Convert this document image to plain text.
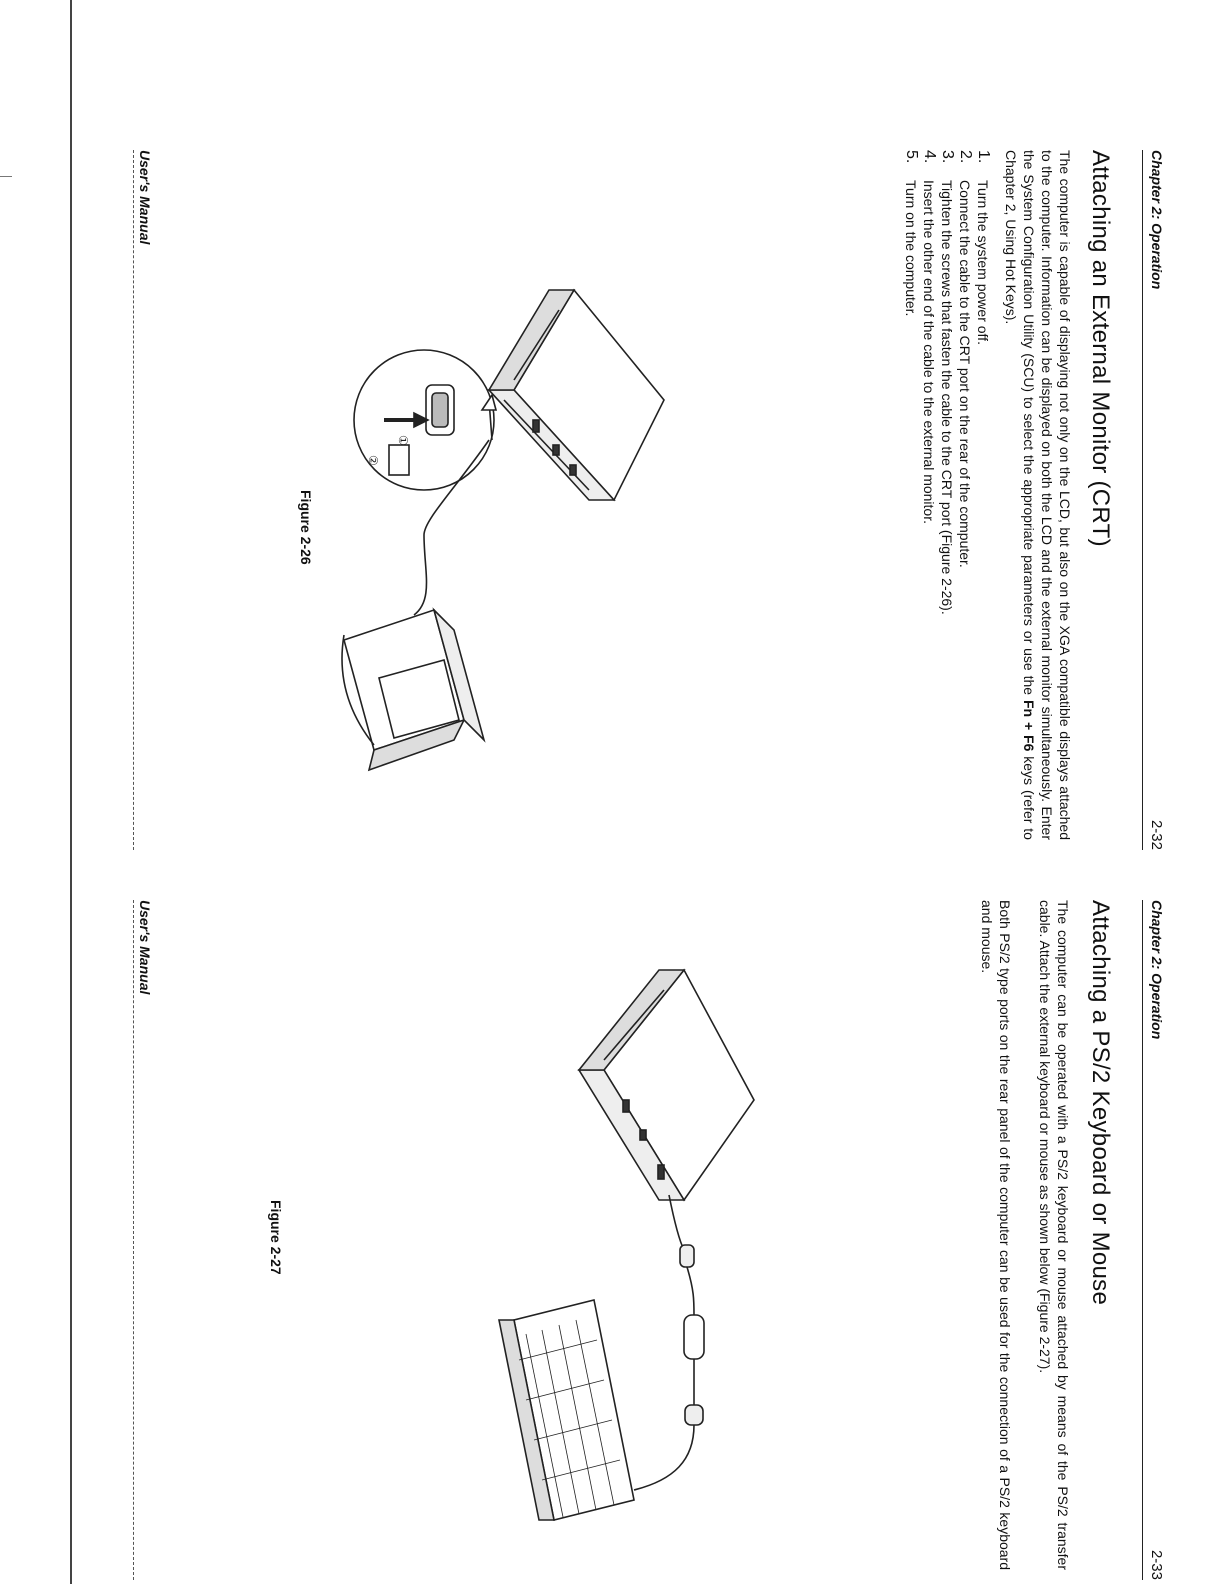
Chapter 2: Operation
2-32
Attaching an External Monitor (CRT)

The computer is capable of displaying not only on the LCD, but also on the XGA compatible displays attached to the computer. Information can be displayed on both the LCD and the external monitor simultaneously. Enter the System Configuration Utility (SCU) to select the appropriate parameters or use the Fn + F6 keys (refer to Chapter 2, Using Hot Keys).

1.
Turn the system power off.
2.
Connect the cable to the CRT port on the rear of the computer.
3.
Tighten the screws that fasten the cable to the CRT port (Figure 2-26).
4.
Insert the other end of the cable to the external monitor.
5.
Turn on the computer.
①
②
Figure 2-26
User's Manual
Chapter 2: Operation
2-33
Attaching a PS/2 Keyboard or Mouse

The computer can be operated with a PS/2 keyboard or mouse attached by means of the PS/2 transfer cable. Attach the external keyboard or mouse as shown below (Figure 2-27).

Both PS/2 type ports on the rear panel of the computer can be used for the connection of a PS/2 keyboard and mouse.

Figure 2-27
User's Manual
